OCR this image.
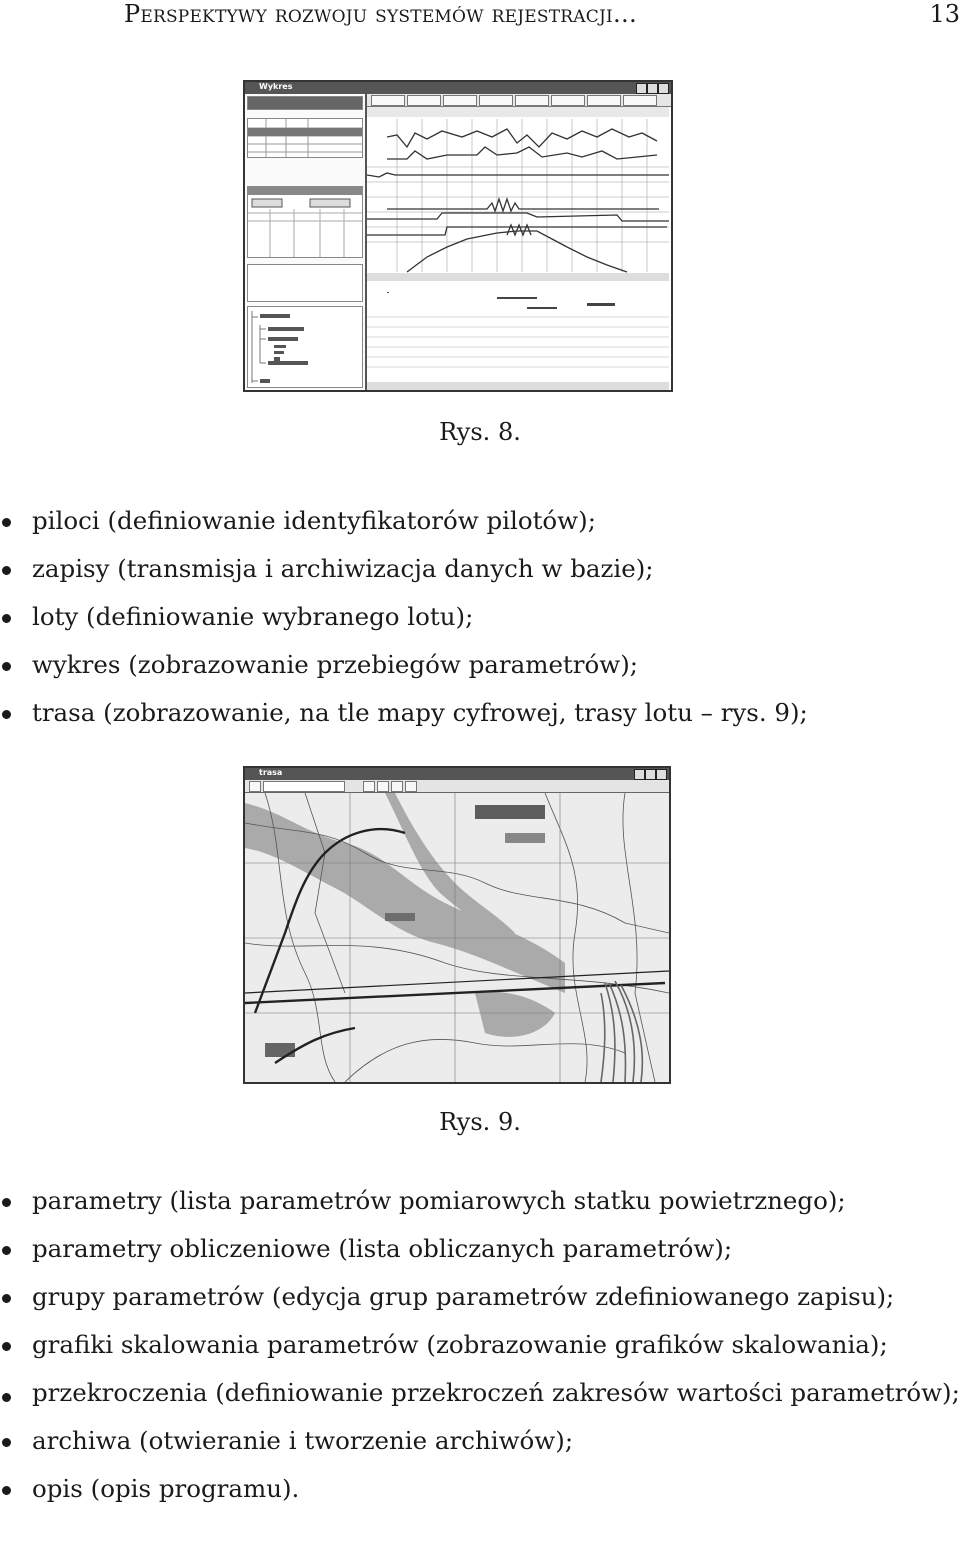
Perspektywy rozwoju systemów rejestracji…	13
Wykres
Rys. 8.
piloci (definiowanie identyfikatorów pilotów);
zapisy (transmisja i archiwizacja danych w bazie);
loty (definiowanie wybranego lotu);
wykres (zobrazowanie przebiegów parametrów);
trasa (zobrazowanie, na tle mapy cyfrowej, trasy lotu – rys. 9);
trasa
Rys. 9.
parametry (lista parametrów pomiarowych statku powietrznego);
parametry obliczeniowe (lista obliczanych parametrów);
grupy parametrów (edycja grup parametrów zdefiniowanego zapisu);
grafiki skalowania parametrów (zobrazowanie grafików skalowania);
przekroczenia (definiowanie przekroczeń zakresów wartości parametrów);
archiwa (otwieranie i tworzenie archiwów);
opis (opis programu).
